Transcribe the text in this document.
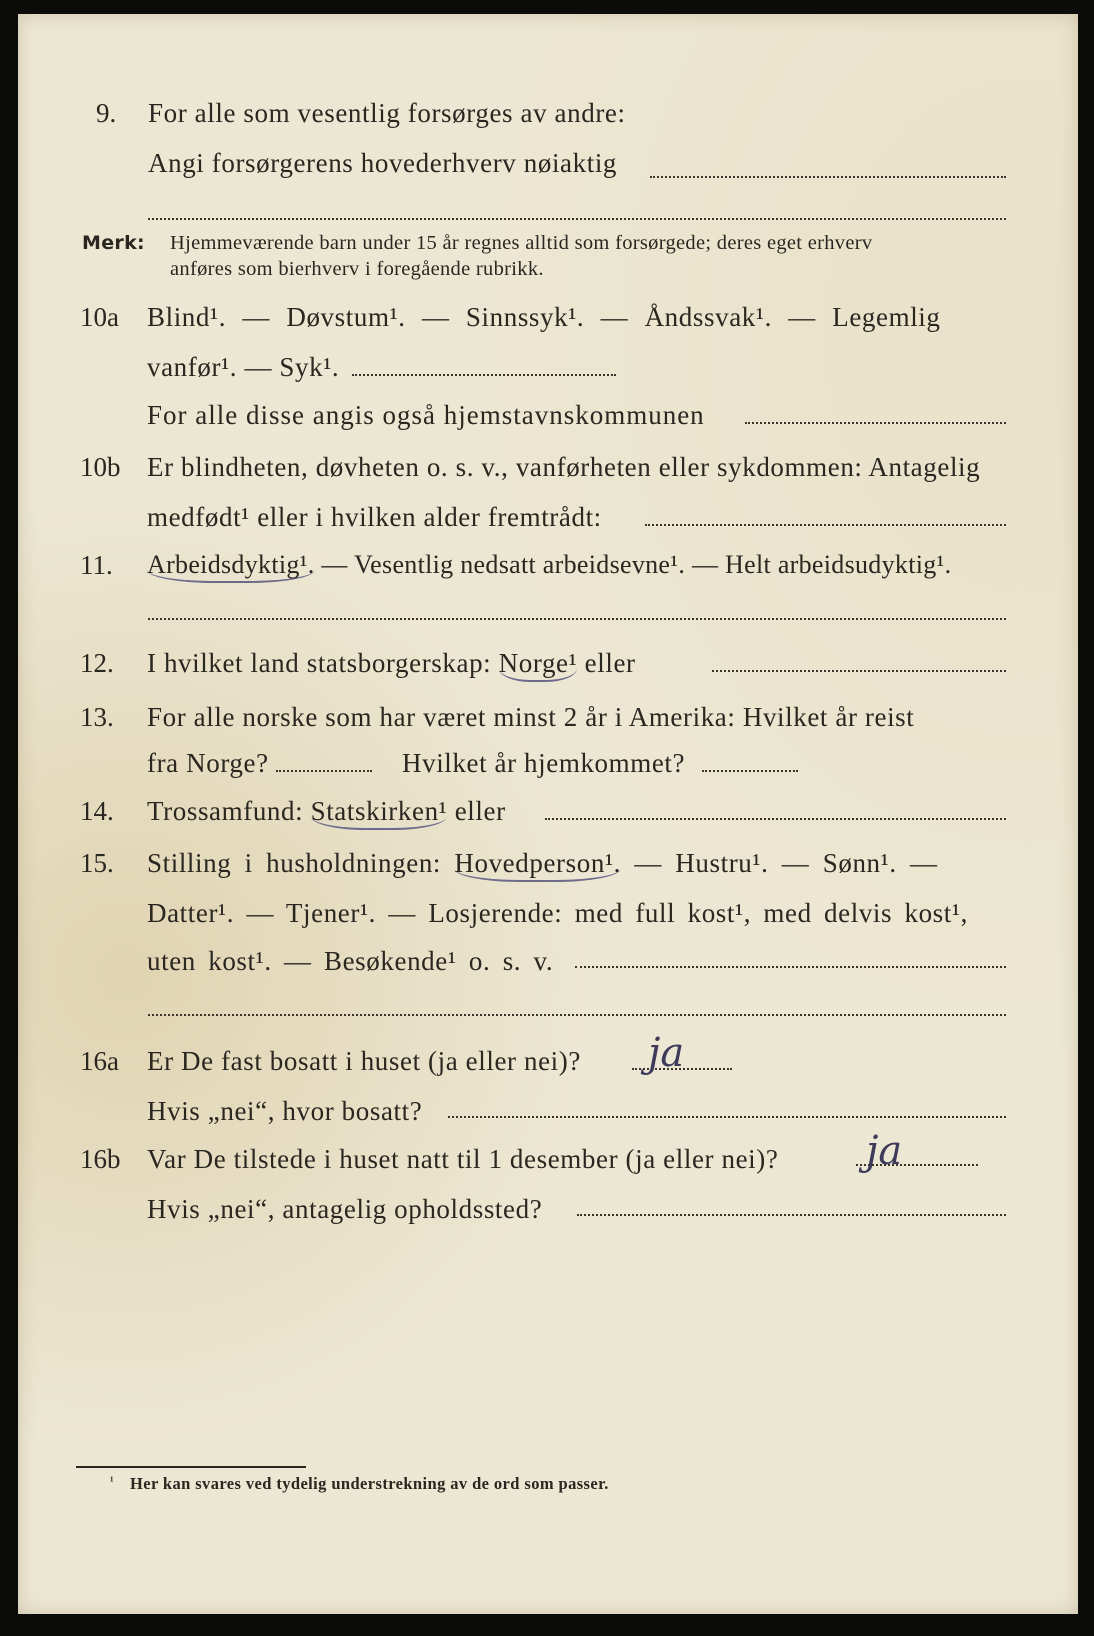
9. For alle som vesentlig forsørges av andre:
Angi forsørgerens hovederhverv nøiaktig
Merk: Hjemmeværende barn under 15 år regnes alltid som forsørgede; deres eget erhverv
anføres som bierhverv i foregående rubrikk.
10a Blind¹. — Døvstum¹. — Sinnssyk¹. — Åndssvak¹. — Legemlig
vanfør¹. — Syk¹.
For alle disse angis også hjemstavnskommunen
10b Er blindheten, døvheten o. s. v., vanførheten eller sykdommen: Antagelig
medfødt¹ eller i hvilken alder fremtrådt:
11. Arbeidsdyktig¹. — Vesentlig nedsatt arbeidsevne¹. — Helt arbeidsudyktig¹.
12. I hvilket land statsborgerskap: Norge¹ eller
13. For alle norske som har været minst 2 år i Amerika: Hvilket år reist
fra Norge?	Hvilket år hjemkommet?
14. Trossamfund: Statskirken¹ eller
15. Stilling i husholdningen: Hovedperson¹. — Hustru¹. — Sønn¹. —
Datter¹. — Tjener¹. — Losjerende: med full kost¹, med delvis kost¹,
uten kost¹. — Besøkende¹ o. s. v.
16a Er De fast bosatt i huset (ja eller nei)? ja
Hvis „nei“, hvor bosatt?
16b Var De tilstede i huset natt til 1 desember (ja eller nei)? ja
Hvis „nei“, antagelig opholdssted?
¹ Her kan svares ved tydelig understrekning av de ord som passer.
